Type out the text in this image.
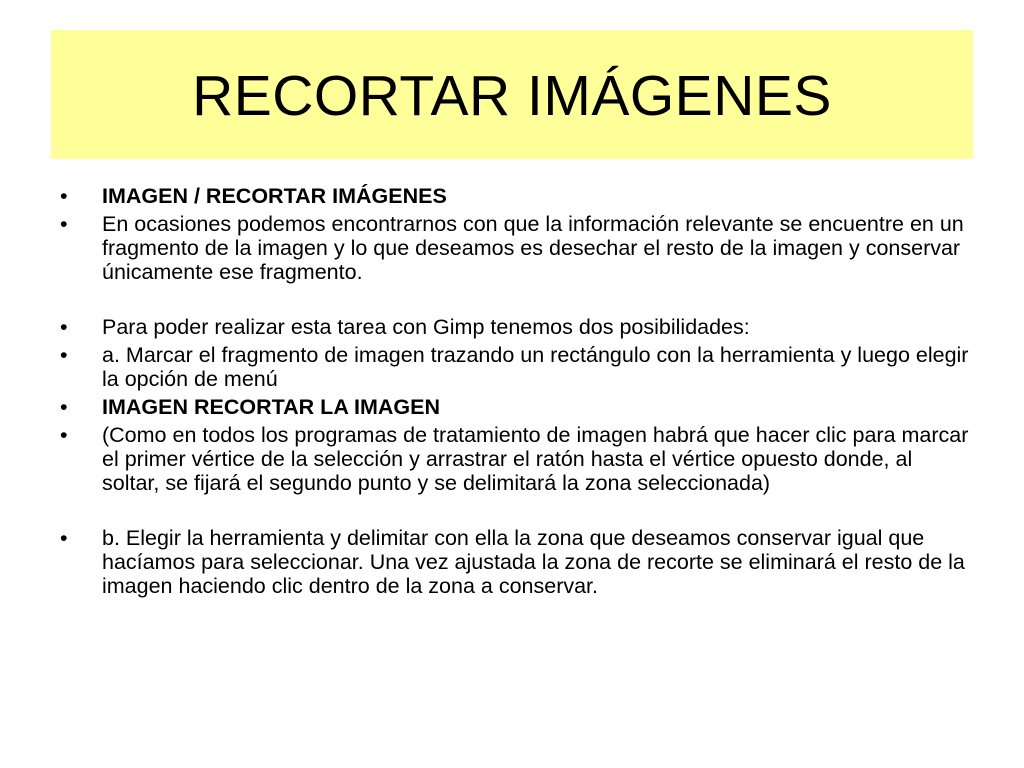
RECORTAR IMÁGENES
• IMAGEN / RECORTAR IMÁGENES
• En ocasiones podemos encontrarnos con que la información relevante se encuentre en un fragmento de la imagen y lo que deseamos es desechar el resto de la imagen y conservar únicamente ese fragmento.
• Para poder realizar esta tarea con Gimp tenemos dos posibilidades:
• a. Marcar el fragmento de imagen trazando un rectángulo con la herramienta y luego elegir la opción de menú
• IMAGEN RECORTAR LA IMAGEN
• (Como en todos los programas de tratamiento de imagen habrá que hacer clic para marcar el primer vértice de la selección y arrastrar el ratón hasta el vértice opuesto donde, al soltar, se fijará el segundo punto y se delimitará la zona seleccionada)
• b. Elegir la herramienta y delimitar con ella la zona que deseamos conservar igual que hacíamos para seleccionar. Una vez ajustada la zona de recorte se eliminará el resto de la imagen haciendo clic dentro de la zona a conservar.
